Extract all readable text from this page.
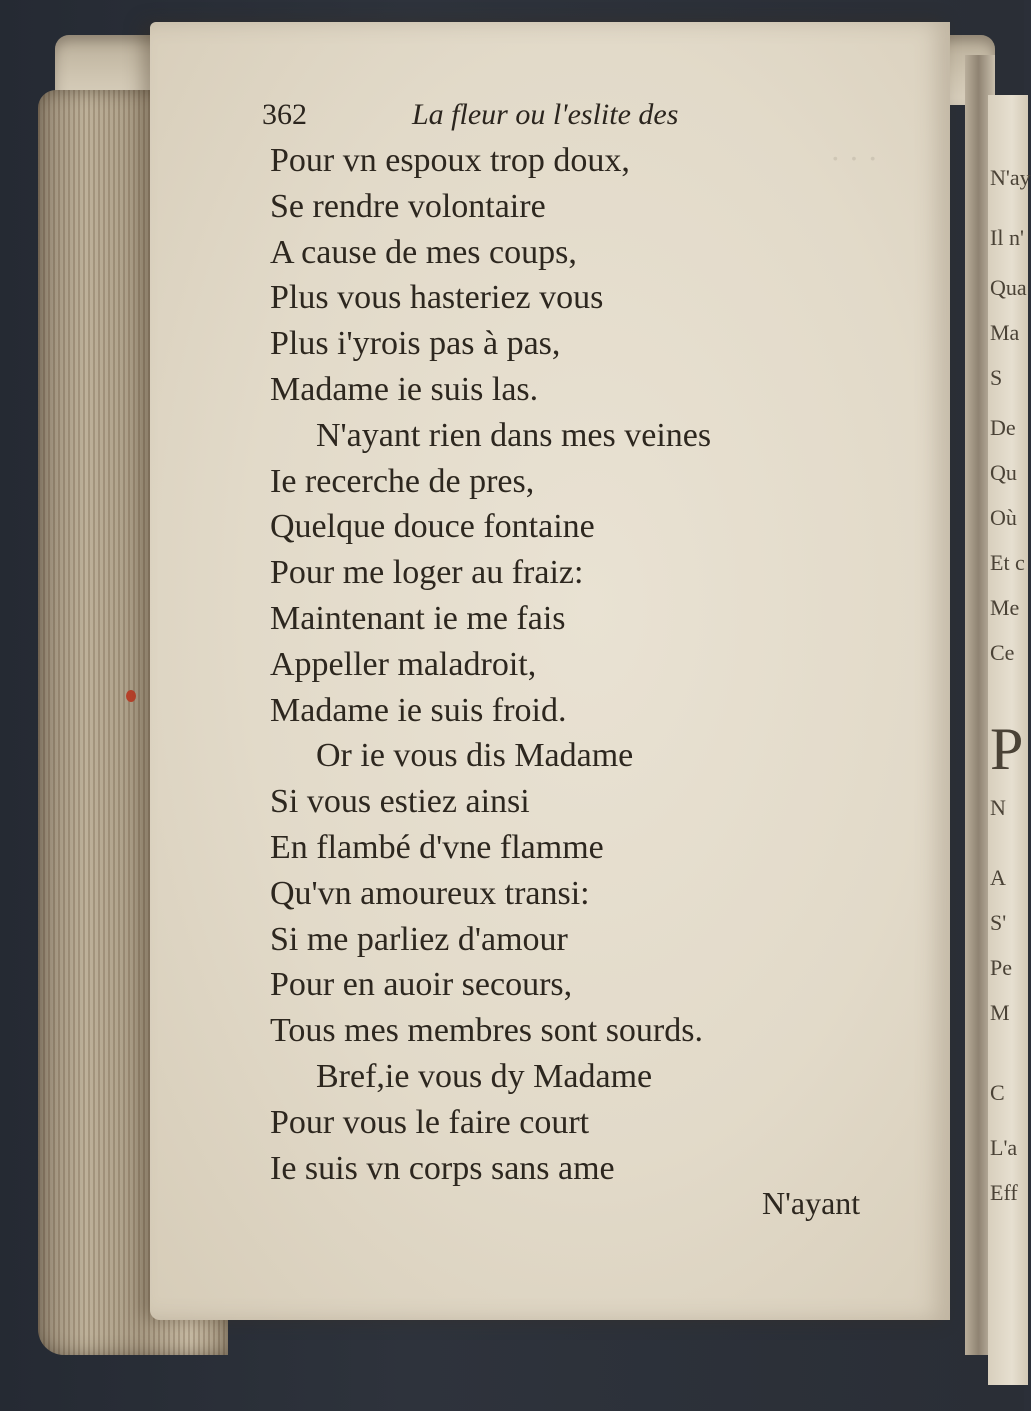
N'ay
Il n'
Qua
Ma
S
De
Qu
Où
Et c
Me
Ce
P
N
A
S'
Pe
M
C
L'a
Eff
· · ·
362	La fleur ou l'eslite des
Pour vn espoux trop doux,
Se rendre volontaire
A cause de mes coups,
Plus vous hasteriez vous
Plus i'yrois pas à pas,
Madame ie suis las.
N'ayant rien dans mes veines
Ie recerche de pres,
Quelque douce fontaine
Pour me loger au fraiz:
Maintenant ie me fais
Appeller maladroit,
Madame ie suis froid.
Or ie vous dis Madame
Si vous estiez ainsi
En flambé d'vne flamme
Qu'vn amoureux transi:
Si me parliez d'amour
Pour en auoir secours,
Tous mes membres sont sourds.
Bref,ie vous dy Madame
Pour vous le faire court
Ie suis vn corps sans ame
N'ayant
